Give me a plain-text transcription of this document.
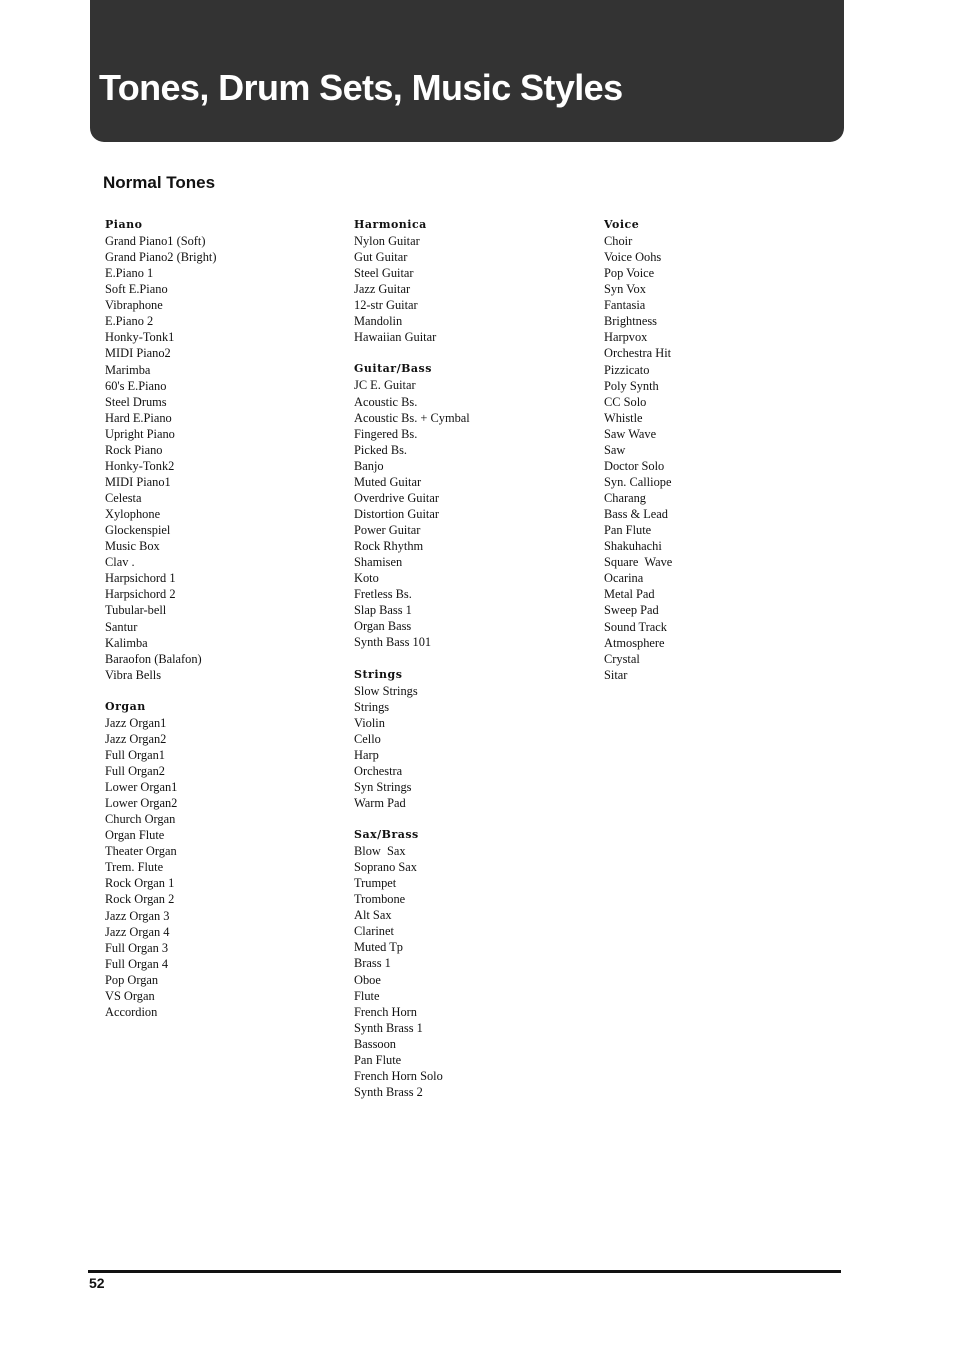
Tones, Drum Sets, Music Styles
Normal Tones
Piano
Grand Piano1 (Soft)
Grand Piano2 (Bright)
E.Piano 1
Soft E.Piano
Vibraphone
E.Piano 2
Honky-Tonk1
MIDI Piano2
Marimba
60's E.Piano
Steel Drums
Hard E.Piano
Upright Piano
Rock Piano
Honky-Tonk2
MIDI Piano1
Celesta
Xylophone
Glockenspiel
Music Box
Clav .
Harpsichord 1
Harpsichord 2
Tubular-bell
Santur
Kalimba
Baraofon (Balafon)
Vibra Bells
Organ
Jazz Organ1
Jazz Organ2
Full Organ1
Full Organ2
Lower Organ1
Lower Organ2
Church Organ
Organ Flute
Theater Organ
Trem. Flute
Rock Organ 1
Rock Organ 2
Jazz Organ 3
Jazz Organ 4
Full Organ 3
Full Organ 4
Pop Organ
VS Organ
Accordion
Harmonica
Nylon Guitar
Gut Guitar
Steel Guitar
Jazz Guitar
12-str Guitar
Mandolin
Hawaiian Guitar
Guitar/Bass
JC E. Guitar
Acoustic Bs.
Acoustic Bs. + Cymbal
Fingered Bs.
Picked Bs.
Banjo
Muted Guitar
Overdrive Guitar
Distortion Guitar
Power Guitar
Rock Rhythm
Shamisen
Koto
Fretless Bs.
Slap Bass 1
Organ Bass
Synth Bass 101
Strings
Slow Strings
Strings
Violin
Cello
Harp
Orchestra
Syn Strings
Warm Pad
Sax/Brass
Blow  Sax
Soprano Sax
Trumpet
Trombone
Alt Sax
Clarinet
Muted Tp
Brass 1
Oboe
Flute
French Horn
Synth Brass 1
Bassoon
Pan Flute
French Horn Solo
Synth Brass 2
Voice
Choir
Voice Oohs
Pop Voice
Syn Vox
Fantasia
Brightness
Harpvox
Orchestra Hit
Pizzicato
Poly Synth
CC Solo
Whistle
Saw Wave
Saw
Doctor Solo
Syn. Calliope
Charang
Bass & Lead
Pan Flute
Shakuhachi
Square  Wave
Ocarina
Metal Pad
Sweep Pad
Sound Track
Atmosphere
Crystal
Sitar
52
